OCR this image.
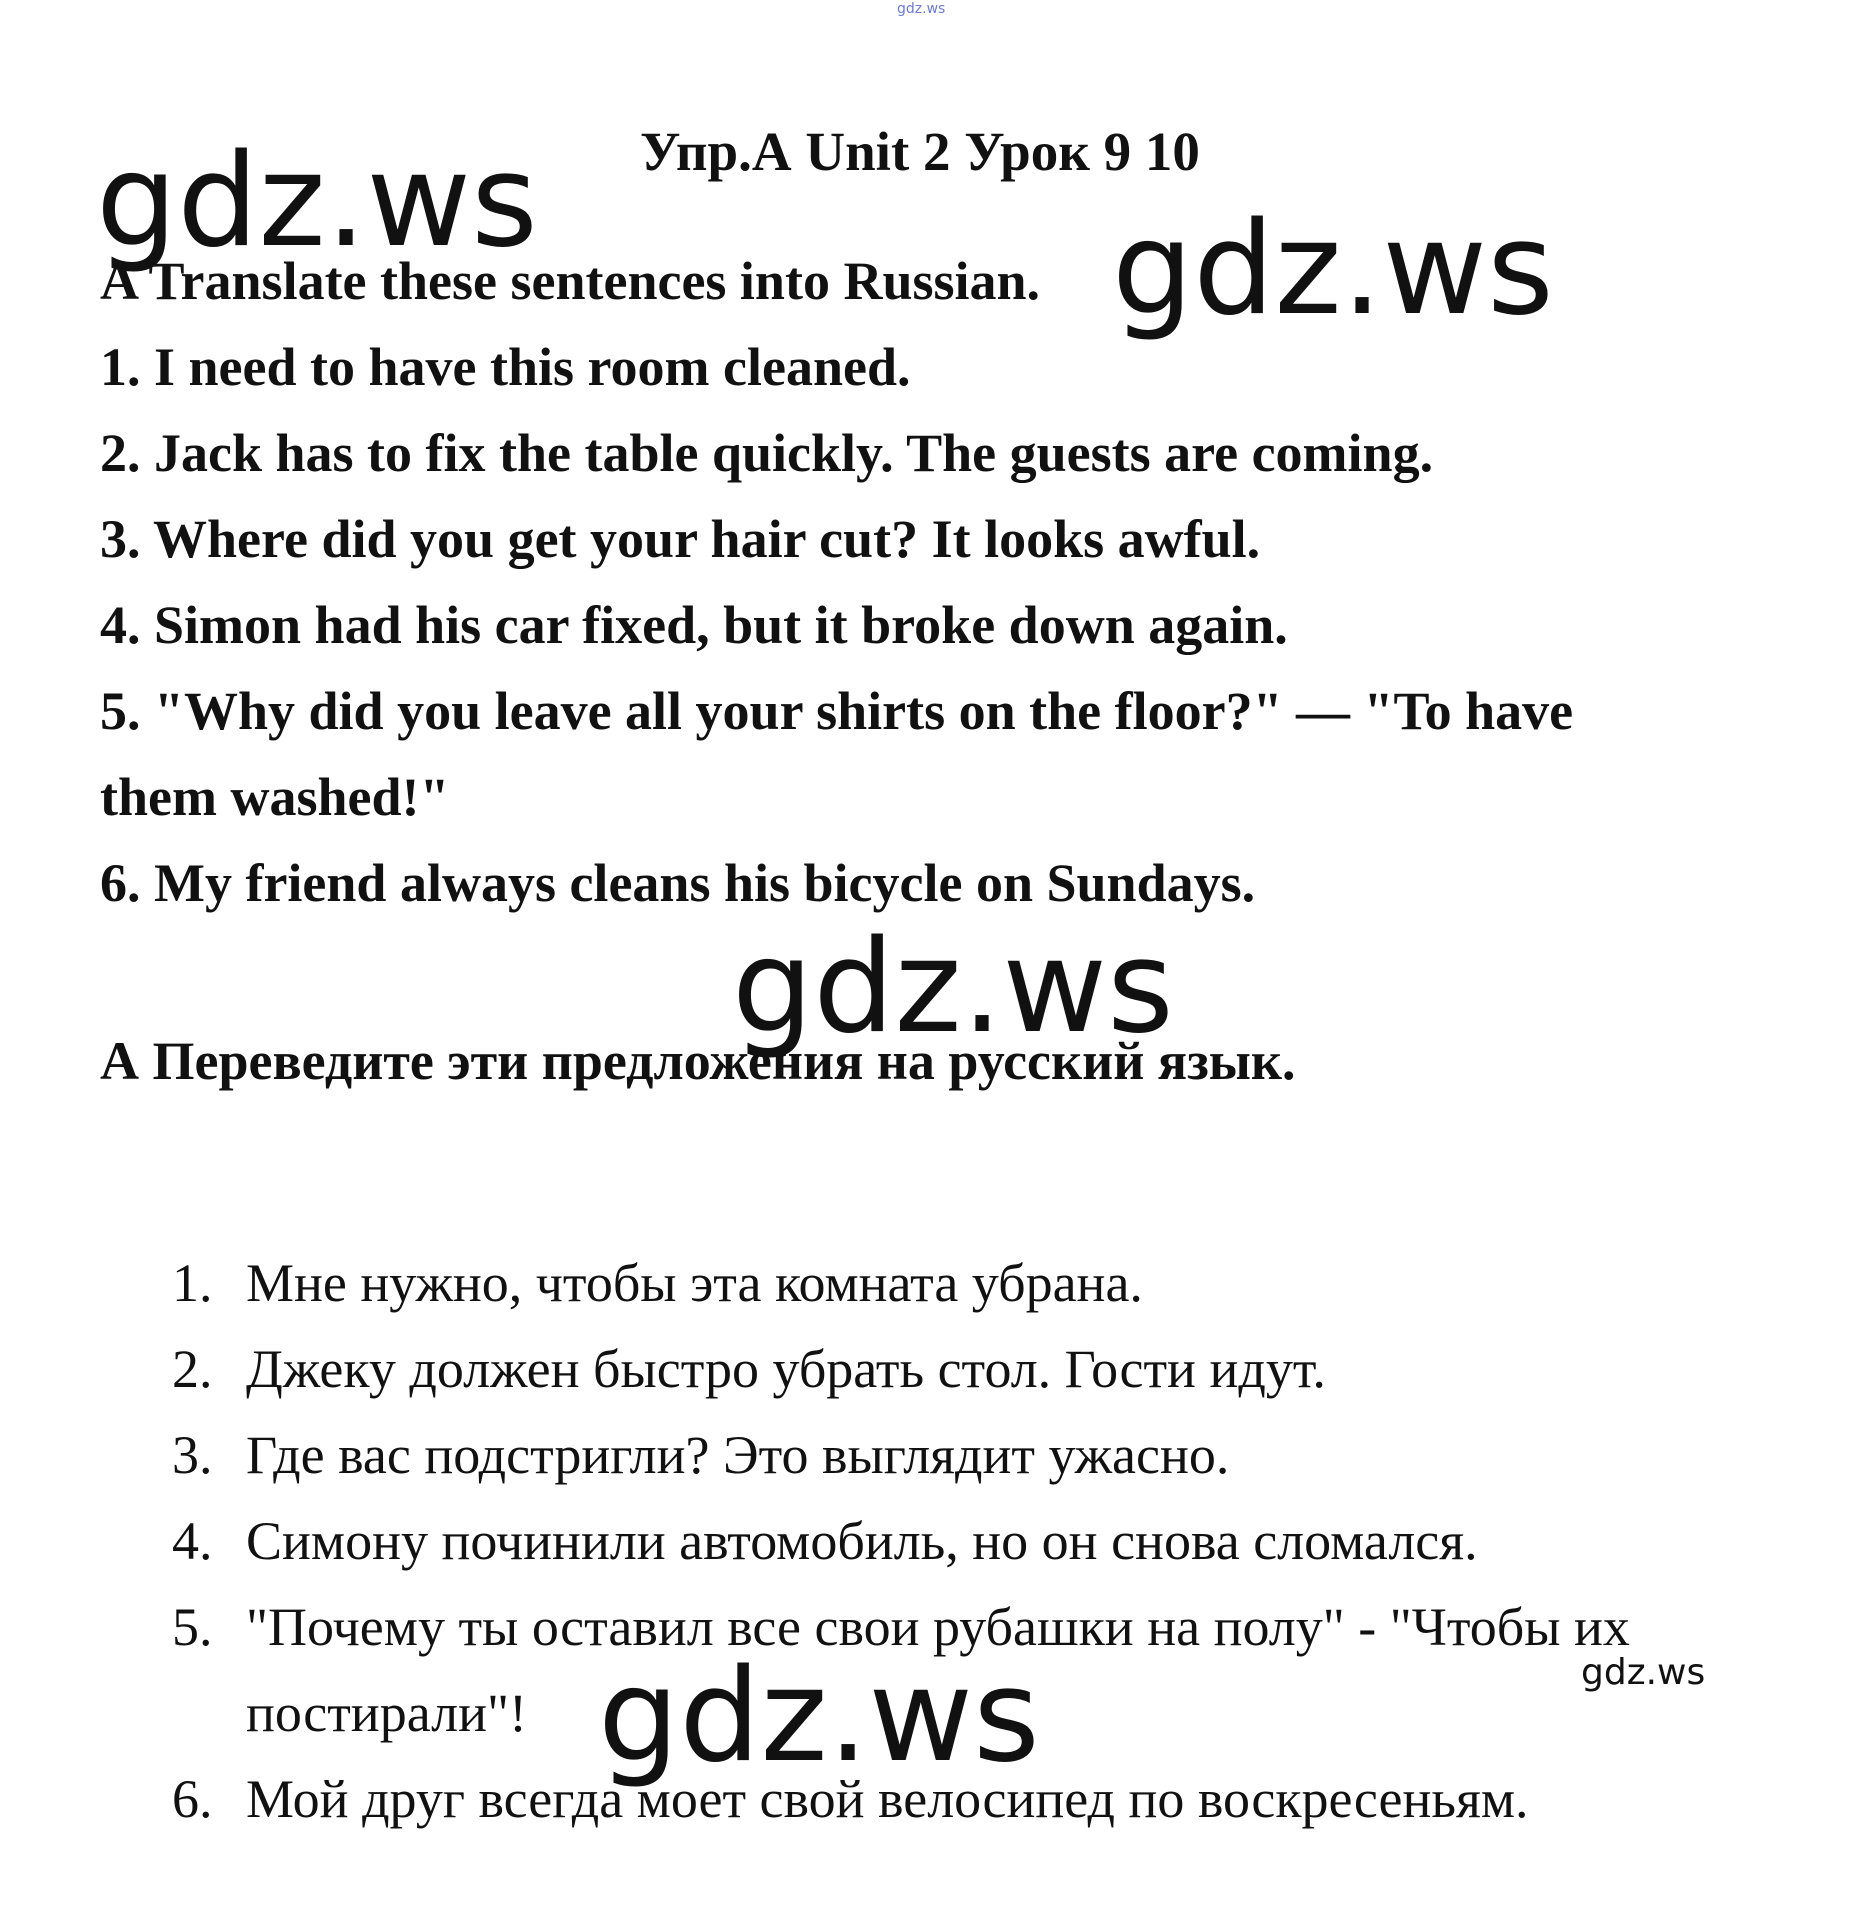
gdz.ws
gdz.ws	gdz.ws
gdz.ws
gdz.ws	gdz.ws
Упр.А Unit 2 Урок 9 10
A Translate these sentences into Russian.
1. I need to have this room cleaned.
2. Jack has to fix the table quickly. The guests are coming.
3. Where did you get your hair cut? It looks awful.
4. Simon had his car fixed, but it broke down again.
5. "Why did you leave all your shirts on the floor?" — "To have
them washed!"
6. My friend always cleans his bicycle on Sundays.
А Переведите эти предложения на русский язык.
1. Мне нужно, чтобы эта комната убрана.
2. Джеку должен быстро убрать стол. Гости идут.
3. Где вас подстригли? Это выглядит ужасно.
4. Симону починили автомобиль, но он снова сломался.
5. "Почему ты оставил все свои рубашки на полу" - "Чтобы их
постирали"!
6. Мой друг всегда моет свой велосипед по воскресеньям.
